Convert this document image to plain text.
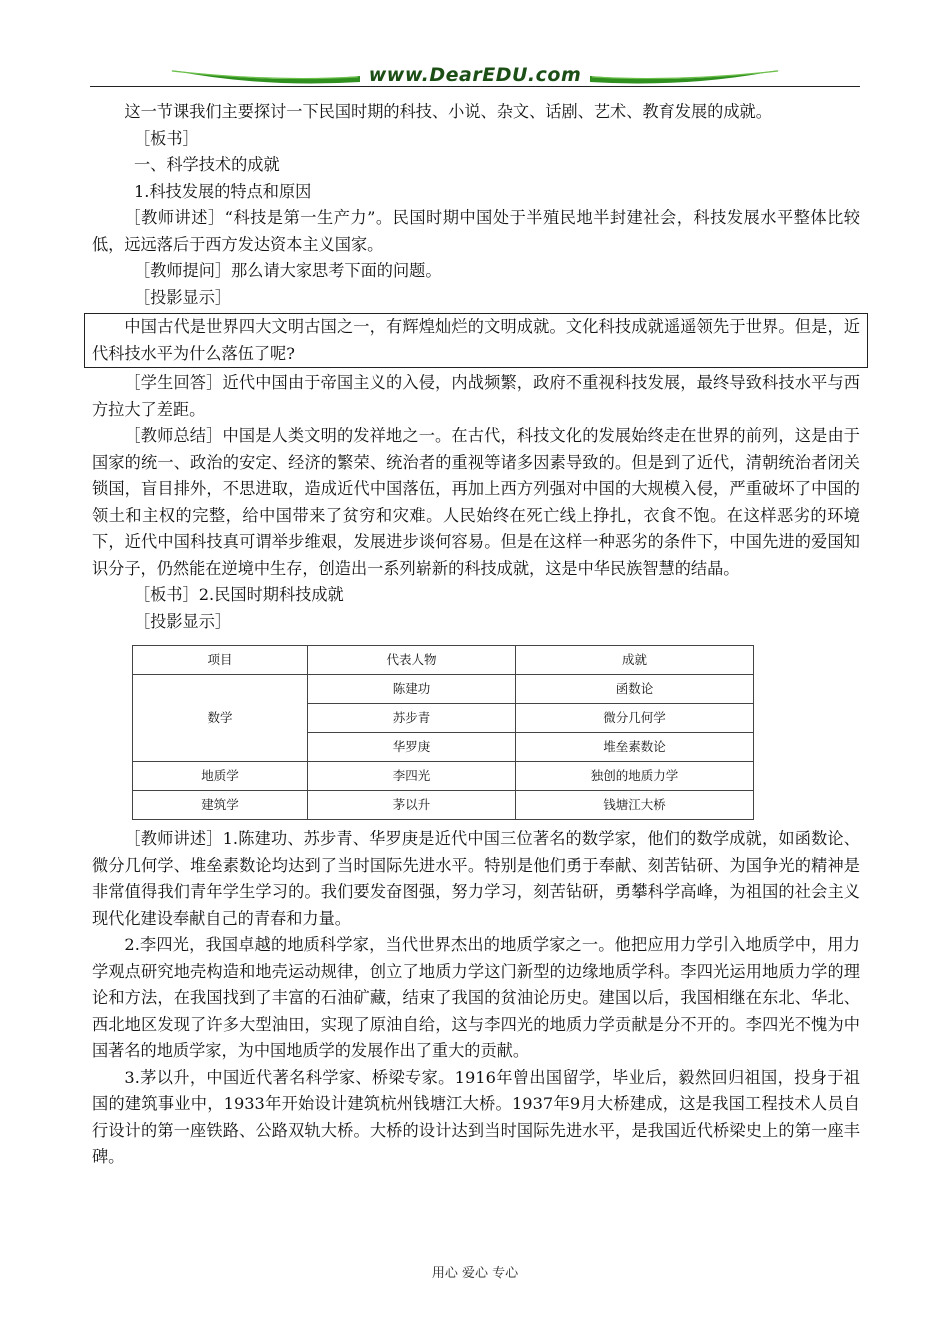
www.DearEDU.com

这一节课我们主要探讨一下民国时期的科技、小说、杂文、话剧、艺术、教育发展的成就。

［板书］

一、科学技术的成就

1.科技发展的特点和原因

［教师讲述］“科技是第一生产力”。民国时期中国处于半殖民地半封建社会，科技发展水平整体比较低，远远落后于西方发达资本主义国家。

［教师提问］那么请大家思考下面的问题。

［投影显示］

中国古代是世界四大文明古国之一，有辉煌灿烂的文明成就。文化科技成就遥遥领先于世界。但是，近代科技水平为什么落伍了呢?

［学生回答］近代中国由于帝国主义的入侵，内战频繁，政府不重视科技发展，最终导致科技水平与西方拉大了差距。

［教师总结］中国是人类文明的发祥地之一。在古代，科技文化的发展始终走在世界的前列，这是由于国家的统一、政治的安定、经济的繁荣、统治者的重视等诸多因素导致的。但是到了近代，清朝统治者闭关锁国，盲目排外，不思进取，造成近代中国落伍，再加上西方列强对中国的大规模入侵，严重破坏了中国的领土和主权的完整，给中国带来了贫穷和灾难。人民始终在死亡线上挣扎，衣食不饱。在这样恶劣的环境下，近代中国科技真可谓举步维艰，发展进步谈何容易。但是在这样一种恶劣的条件下，中国先进的爱国知识分子，仍然能在逆境中生存，创造出一系列崭新的科技成就，这是中华民族智慧的结晶。

［板书］2.民国时期科技成就

［投影显示］

项目	代表人物	成就
数学	陈建功	函数论
	苏步青	微分几何学
	华罗庚	堆垒素数论
地质学	李四光	独创的地质力学
建筑学	茅以升	钱塘江大桥

［教师讲述］1.陈建功、苏步青、华罗庚是近代中国三位著名的数学家，他们的数学成就，如函数论、微分几何学、堆垒素数论均达到了当时国际先进水平。特别是他们勇于奉献、刻苦钻研、为国争光的精神是非常值得我们青年学生学习的。我们要发奋图强，努力学习，刻苦钻研，勇攀科学高峰，为祖国的社会主义现代化建设奉献自己的青春和力量。

2.李四光，我国卓越的地质科学家，当代世界杰出的地质学家之一。他把应用力学引入地质学中，用力学观点研究地壳构造和地壳运动规律，创立了地质力学这门新型的边缘地质学科。李四光运用地质力学的理论和方法，在我国找到了丰富的石油矿藏，结束了我国的贫油论历史。建国以后，我国相继在东北、华北、西北地区发现了许多大型油田，实现了原油自给，这与李四光的地质力学贡献是分不开的。李四光不愧为中国著名的地质学家，为中国地质学的发展作出了重大的贡献。

3.茅以升，中国近代著名科学家、桥梁专家。1916年曾出国留学，毕业后，毅然回归祖国，投身于祖国的建筑事业中，1933年开始设计建筑杭州钱塘江大桥。1937年9月大桥建成，这是我国工程技术人员自行设计的第一座铁路、公路双轨大桥。大桥的设计达到当时国际先进水平，是我国近代桥梁史上的第一座丰碑。

用心 爱心 专心
